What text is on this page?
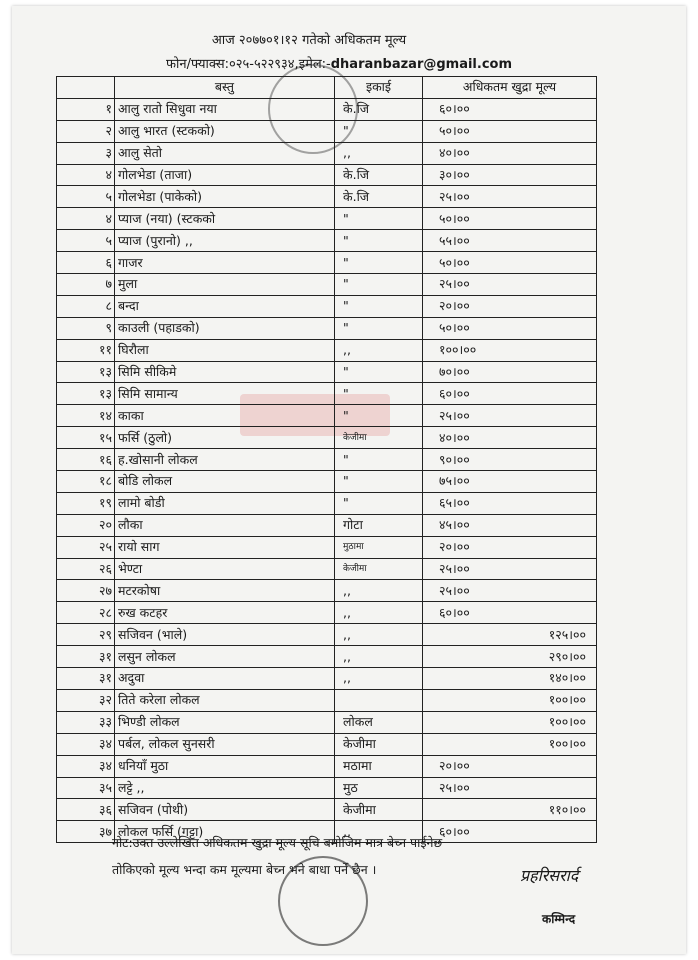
आज २०७७०१।१२ गतेको अधिकतम मूल्य
फोन/फ्याक्स:०२५-५२२९३४,इमेल:-dharanbazar@gmail.com
	बस्तु	इकाई	अधिकतम खुद्रा मूल्य
१	आलु रातो सिधुवा नया	के.जि	६०।००
२	आलु भारत (स्टकको)	"	५०।००
३	आलु सेतो	,,	४०।००
४	गोलभेडा (ताजा)	के.जि	३०।००
५	गोलभेडा (पाकेको)	के.जि	२५।००
४	प्याज (नया) (स्टकको	"	५०।००
५	प्याज (पुरानो) ,,	"	५५।००
६	गाजर	"	५०।००
७	मुला	"	२५।००
८	बन्दा	"	२०।००
९	काउली (पहाडको)	"	५०।००
११	घिरौला	,,	१००।००
१३	सिमि सीकिमे	"	७०।००
१३	सिमि सामान्य	"	६०।००
१४	काका	"	२५।००
१५	फर्सि (ठुलो)	केजीमा	४०।००
१६	ह.खोसानी लोकल	"	९०।००
१८	बोडि लोकल	"	७५।००
१९	लामो बोडी	"	६५।००
२०	लौका	गोटा	४५।००
२५	रायो साग	मुठामा	२०।००
२६	भेण्टा	केजीमा	२५।००
२७	मटरकोषा	,,	२५।००
२८	रुख कटहर	,,	६०।००
२९	सजिवन (भाले)	,,	१२५।००
३१	लसुन लोकल	,,	२९०।००
३१	अदुवा	,,	१४०।००
३२	तिते करेला लोकल		१००।००
३३	भिण्डी लोकल	लोकल	१००।००
३४	पर्बल, लोकल सुनसरी	केजीमा	१००।००
३४	धनियाँ मुठा	मठामा	२०।००
३५	लट्टे ,,	मुठ	२५।००
३६	सजिवन (पोथी)	केजीमा	११०।००
३७	लोकल फर्सि (गट्टा)	,,	६०।००
नोट:उक्त उल्लेखित अधिकतम खुद्रा मूल्य सूचि बमोजिम मात्र बेच्न पाईनेछ
तोकिएको मूल्य भन्दा कम मूल्यमा बेच्न भने बाधा पर्ने छैन ।	प्रहरिसरार्द
कम्मिन्द
